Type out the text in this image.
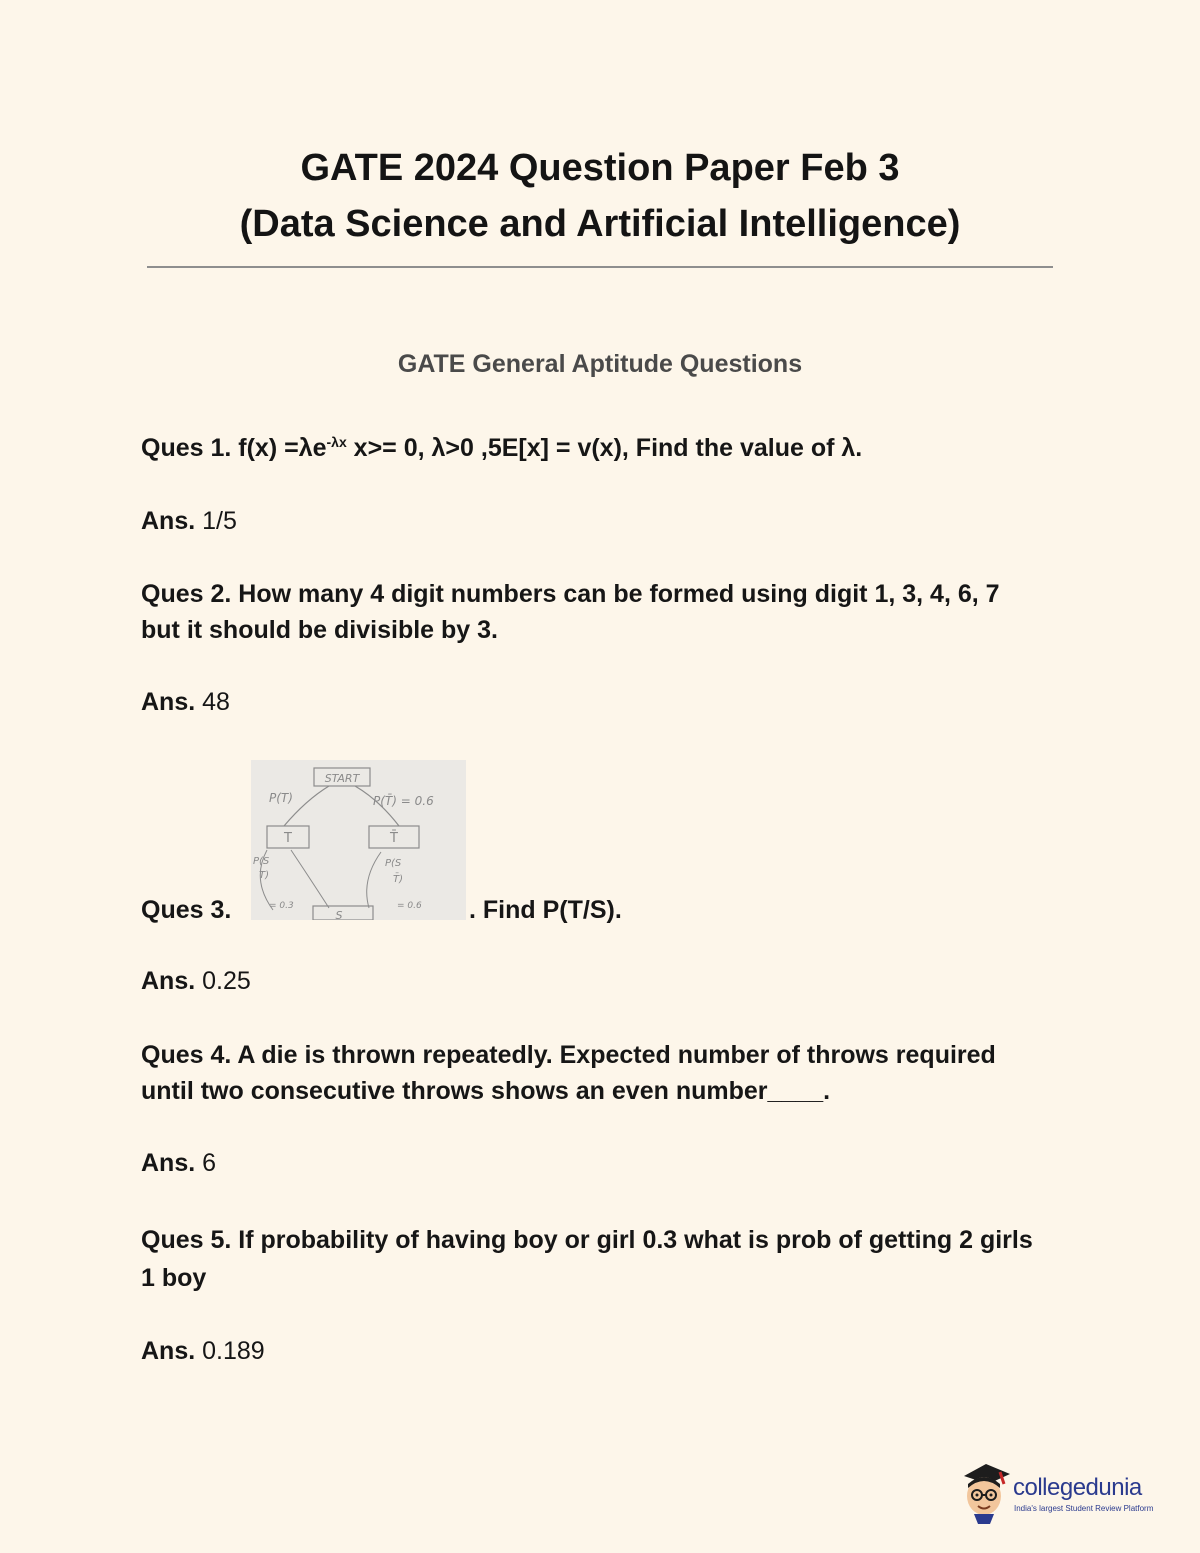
GATE 2024 Question Paper Feb 3
(Data Science and Artificial Intelligence)
GATE General Aptitude Questions
Ques 1. $f(x) =\lambda e^{-\lambda x}$ x>= 0, λ>0 ,5E[x] = v(x), Find the value of λ.
Ans. 1/5
Ques 2. How many 4 digit numbers can be formed using digit 1, 3, 4, 6, 7 but it should be divisible by 3.
Ans. 48
Ques 3.
START
P(T)	P(T̄) = 0.6
T	T̄
P(S
T)
= 0.3
P(S
T̄)
= 0.6
S	. Find P(T/S).
Ans. 0.25
Ques 4. A die is thrown repeatedly. Expected number of throws required until two consecutive throws shows an even number____.
Ans. 6
Ques 5. If probability of having boy or girl 0.3 what is prob of getting 2 girls 1 boy
Ans. 0.189
collegedunia
India's largest Student Review Platform
